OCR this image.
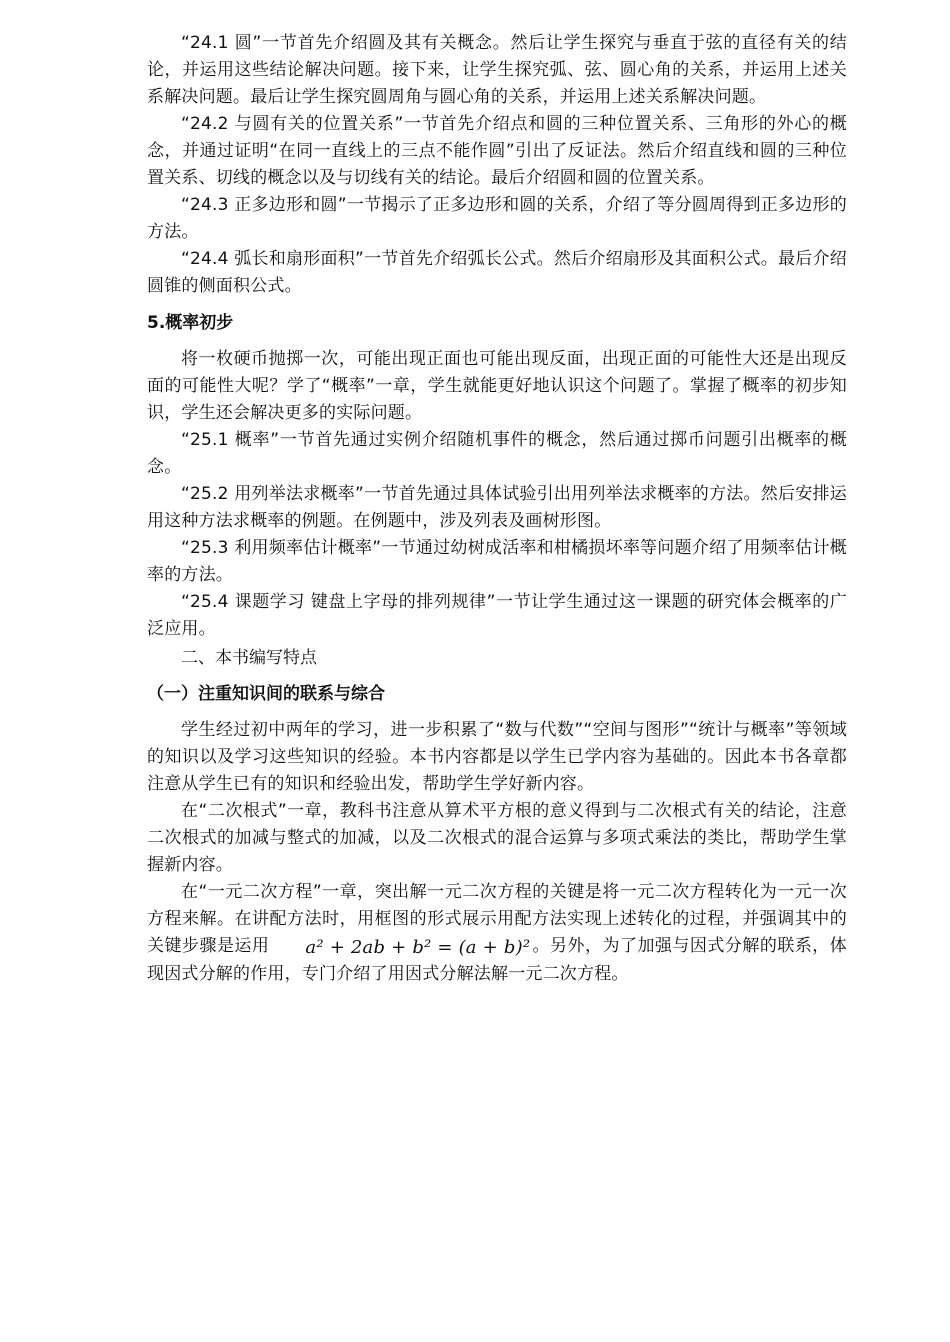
“24.1 圆”一节首先介绍圆及其有关概念。然后让学生探究与垂直于弦的直径有关的结论，并运用这些结论解决问题。接下来，让学生探究弧、弦、圆心角的关系，并运用上述关系解决问题。最后让学生探究圆周角与圆心角的关系，并运用上述关系解决问题。

“24.2 与圆有关的位置关系”一节首先介绍点和圆的三种位置关系、三角形的外心的概念，并通过证明“在同一直线上的三点不能作圆”引出了反证法。然后介绍直线和圆的三种位置关系、切线的概念以及与切线有关的结论。最后介绍圆和圆的位置关系。

“24.3 正多边形和圆”一节揭示了正多边形和圆的关系，介绍了等分圆周得到正多边形的方法。

“24.4 弧长和扇形面积”一节首先介绍弧长公式。然后介绍扇形及其面积公式。最后介绍圆锥的侧面积公式。

5.概率初步

将一枚硬币抛掷一次，可能出现正面也可能出现反面，出现正面的可能性大还是出现反面的可能性大呢？学了“概率”一章，学生就能更好地认识这个问题了。掌握了概率的初步知识，学生还会解决更多的实际问题。

“25.1 概率”一节首先通过实例介绍随机事件的概念，然后通过掷币问题引出概率的概念。

“25.2 用列举法求概率”一节首先通过具体试验引出用列举法求概率的方法。然后安排运用这种方法求概率的例题。在例题中，涉及列表及画树形图。

“25.3 利用频率估计概率”一节通过幼树成活率和柑橘损坏率等问题介绍了用频率估计概率的方法。

“25.4 课题学习 键盘上字母的排列规律”一节让学生通过这一课题的研究体会概率的广泛应用。

二、本书编写特点

（一）注重知识间的联系与综合

学生经过初中两年的学习，进一步积累了“数与代数”“空间与图形”“统计与概率”等领域的知识以及学习这些知识的经验。本书内容都是以学生已学内容为基础的。因此本书各章都注意从学生已有的知识和经验出发，帮助学生学好新内容。

在“二次根式”一章，教科书注意从算术平方根的意义得到与二次根式有关的结论，注意二次根式的加减与整式的加减，以及二次根式的混合运算与多项式乘法的类比，帮助学生掌握新内容。

在“一元二次方程”一章，突出解一元二次方程的关键是将一元二次方程转化为一元一次方程来解。在讲配方法时，用框图的形式展示用配方法实现上述转化的过程，并强调其中的关键步骤是运用 a² + 2ab + b² = (a + b)² 。另外，为了加强与因式分解的联系，体现因式分解的作用，专门介绍了用因式分解法解一元二次方程。
